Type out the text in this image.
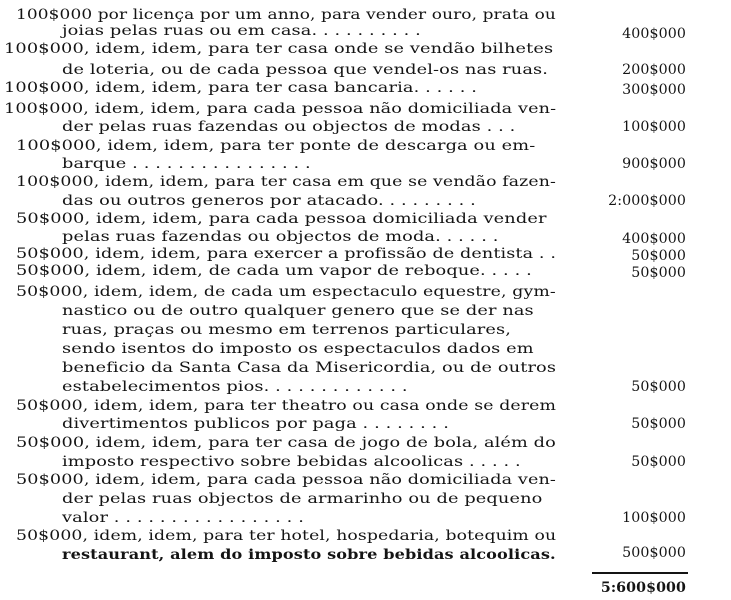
100$000 por licença por um anno, para vender ouro, prata ou
joias pelas ruas ou em casa. . . . . . . . . .	400$000
100$000, idem, idem, para ter casa onde se vendão bilhetes
de loteria, ou de cada pessoa que vendel-os nas ruas.	200$000
100$000, idem, idem, para ter casa bancaria. . . . . .	300$000
100$000, idem, idem, para cada pessoa não domiciliada ven-
der pelas ruas fazendas ou objectos de modas . . .	100$000
100$000, idem, idem, para ter ponte de descarga ou em-
barque . . . . . . . . . . . . . . . .	900$000
100$000, idem, idem, para ter casa em que se vendão fazen-
das ou outros generos por atacado. . . . . . . . .	2:000$000
50$000, idem, idem, para cada pessoa domiciliada vender
pelas ruas fazendas ou objectos de moda. . . . . .	400$000
50$000, idem, idem, para exercer a profissão de dentista . .	50$000
50$000, idem, idem, de cada um vapor de reboque. . . . .	50$000
50$000, idem, idem, de cada um espectaculo equestre, gym-
nastico ou de outro qualquer genero que se der nas
ruas, praças ou mesmo em terrenos particulares,
sendo isentos do imposto os espectaculos dados em
beneficio da Santa Casa da Misericordia, ou de outros
estabelecimentos pios. . . . . . . . . . . . .	50$000
50$000, idem, idem, para ter theatro ou casa onde se derem
divertimentos publicos por paga . . . . . . . .	50$000
50$000, idem, idem, para ter casa de jogo de bola, além do
imposto respectivo sobre bebidas alcoolicas . . . . .	50$000
50$000, idem, idem, para cada pessoa não domiciliada ven-
der pelas ruas objectos de armarinho ou de pequeno
valor . . . . . . . . . . . . . . . . .	100$000
50$000, idem, idem, para ter hotel, hospedaria, botequim ou
restaurant, alem do imposto sobre bebidas alcoolicas.	500$000
5:600$000
